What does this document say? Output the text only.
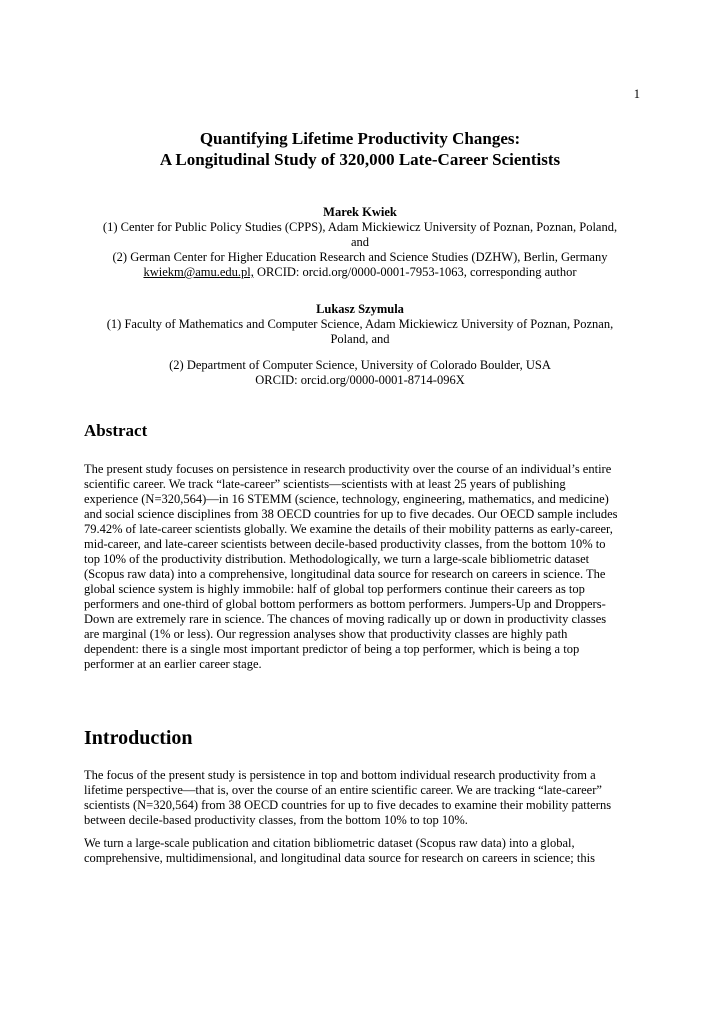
1
Quantifying Lifetime Productivity Changes:
A Longitudinal Study of 320,000 Late-Career Scientists
Marek Kwiek
(1) Center for Public Policy Studies (CPPS), Adam Mickiewicz University of Poznan, Poznan, Poland,
and
(2) German Center for Higher Education Research and Science Studies (DZHW), Berlin, Germany
kwiekm@amu.edu.pl, ORCID: orcid.org/0000-0001-7953-1063, corresponding author
Lukasz Szymula
(1) Faculty of Mathematics and Computer Science, Adam Mickiewicz University of Poznan, Poznan,
Poland, and
(2) Department of Computer Science, University of Colorado Boulder, USA
ORCID: orcid.org/0000-0001-8714-096X
Abstract

The present study focuses on persistence in research productivity over the course of an individual’s entire
scientific career. We track “late-career” scientists—scientists with at least 25 years of publishing
experience (N=320,564)—in 16 STEMM (science, technology, engineering, mathematics, and medicine)
and social science disciplines from 38 OECD countries for up to five decades. Our OECD sample includes
79.42% of late-career scientists globally. We examine the details of their mobility patterns as early-career,
mid-career, and late-career scientists between decile-based productivity classes, from the bottom 10% to
top 10% of the productivity distribution. Methodologically, we turn a large-scale bibliometric dataset
(Scopus raw data) into a comprehensive, longitudinal data source for research on careers in science. The
global science system is highly immobile: half of global top performers continue their careers as top
performers and one-third of global bottom performers as bottom performers. Jumpers-Up and Droppers-
Down are extremely rare in science. The chances of moving radically up or down in productivity classes
are marginal (1% or less). Our regression analyses show that productivity classes are highly path
dependent: there is a single most important predictor of being a top performer, which is being a top
performer at an earlier career stage.

Introduction

The focus of the present study is persistence in top and bottom individual research productivity from a
lifetime perspective—that is, over the course of an entire scientific career. We are tracking “late-career”
scientists (N=320,564) from 38 OECD countries for up to five decades to examine their mobility patterns
between decile-based productivity classes, from the bottom 10% to top 10%.

We turn a large-scale publication and citation bibliometric dataset (Scopus raw data) into a global,
comprehensive, multidimensional, and longitudinal data source for research on careers in science; this
